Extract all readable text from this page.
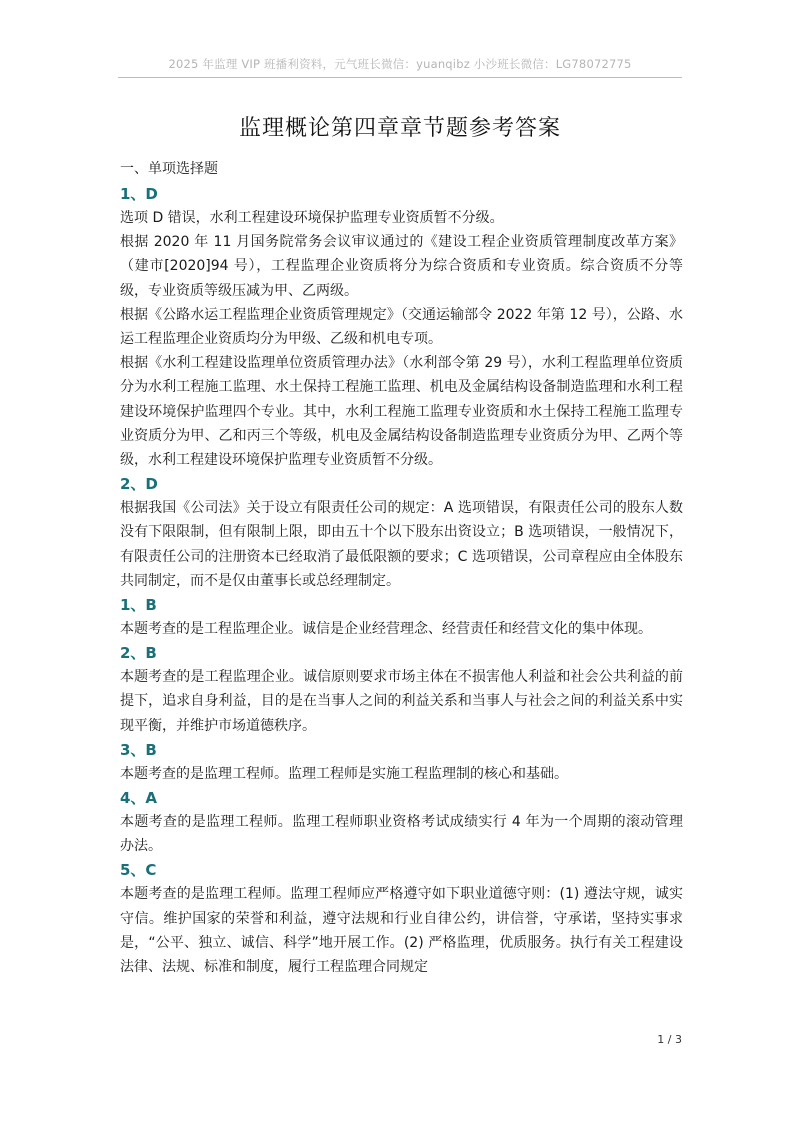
2025 年监理 VIP 班播利资料，元气班长微信：yuanqibz 小沙班长微信：LG78072775
监理概论第四章章节题参考答案
一、单项选择题
1、D
选项 D 错误，水利工程建设环境保护监理专业资质暂不分级。
根据 2020 年 11 月国务院常务会议审议通过的《建设工程企业资质管理制度改革方案》（建市[2020]94 号），工程监理企业资质将分为综合资质和专业资质。综合资质不分等级，专业资质等级压减为甲、乙两级。
根据《公路水运工程监理企业资质管理规定》（交通运输部令 2022 年第 12 号），公路、水运工程监理企业资质均分为甲级、乙级和机电专项。
根据《水利工程建设监理单位资质管理办法》（水利部令第 29 号），水利工程监理单位资质分为水利工程施工监理、水土保持工程施工监理、机电及金属结构设备制造监理和水利工程建设环境保护监理四个专业。其中，水利工程施工监理专业资质和水土保持工程施工监理专业资质分为甲、乙和丙三个等级，机电及金属结构设备制造监理专业资质分为甲、乙两个等级，水利工程建设环境保护监理专业资质暂不分级。
2、D
根据我国《公司法》关于设立有限责任公司的规定：A 选项错误，有限责任公司的股东人数没有下限限制，但有限制上限，即由五十个以下股东出资设立；B 选项错误，一般情况下，有限责任公司的注册资本已经取消了最低限额的要求；C 选项错误，公司章程应由全体股东共同制定，而不是仅由董事长或总经理制定。
1、B
本题考查的是工程监理企业。诚信是企业经营理念、经营责任和经营文化的集中体现。
2、B
本题考查的是工程监理企业。诚信原则要求市场主体在不损害他人利益和社会公共利益的前提下，追求自身利益，目的是在当事人之间的利益关系和当事人与社会之间的利益关系中实现平衡，并维护市场道德秩序。
3、B
本题考查的是监理工程师。监理工程师是实施工程监理制的核心和基础。
4、A
本题考查的是监理工程师。监理工程师职业资格考试成绩实行 4 年为一个周期的滚动管理办法。
5、C
本题考查的是监理工程师。监理工程师应严格遵守如下职业道德守则：(1) 遵法守规，诚实守信。维护国家的荣誉和利益，遵守法规和行业自律公约，讲信誉，守承诺，坚持实事求是，“公平、独立、诚信、科学”地开展工作。(2) 严格监理，优质服务。执行有关工程建设法律、法规、标准和制度，履行工程监理合同规定
1 / 3
